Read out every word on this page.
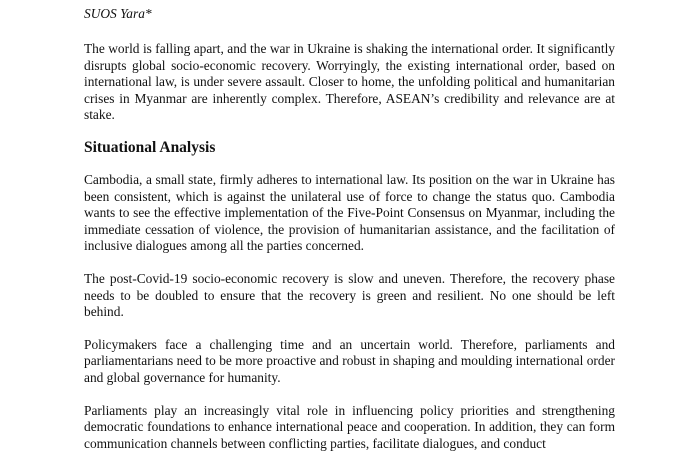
SUOS Yara*

The world is falling apart, and the war in Ukraine is shaking the international order. It significantly disrupts global socio-economic recovery. Worryingly, the existing international order, based on international law, is under severe assault. Closer to home, the unfolding political and humanitarian crises in Myanmar are inherently complex. Therefore, ASEAN’s credibility and relevance are at stake.

Situational Analysis

Cambodia, a small state, firmly adheres to international law. Its position on the war in Ukraine has been consistent, which is against the unilateral use of force to change the status quo. Cambodia wants to see the effective implementation of the Five-Point Consensus on Myanmar, including the immediate cessation of violence, the provision of humanitarian assistance, and the facilitation of inclusive dialogues among all the parties concerned.

The post-Covid-19 socio-economic recovery is slow and uneven. Therefore, the recovery phase needs to be doubled to ensure that the recovery is green and resilient. No one should be left behind.

Policymakers face a challenging time and an uncertain world. Therefore, parliaments and parliamentarians need to be more proactive and robust in shaping and moulding international order and global governance for humanity.

Parliaments play an increasingly vital role in influencing policy priorities and strengthening democratic foundations to enhance international peace and cooperation. In addition, they can form communication channels between conflicting parties, facilitate dialogues, and conduct
